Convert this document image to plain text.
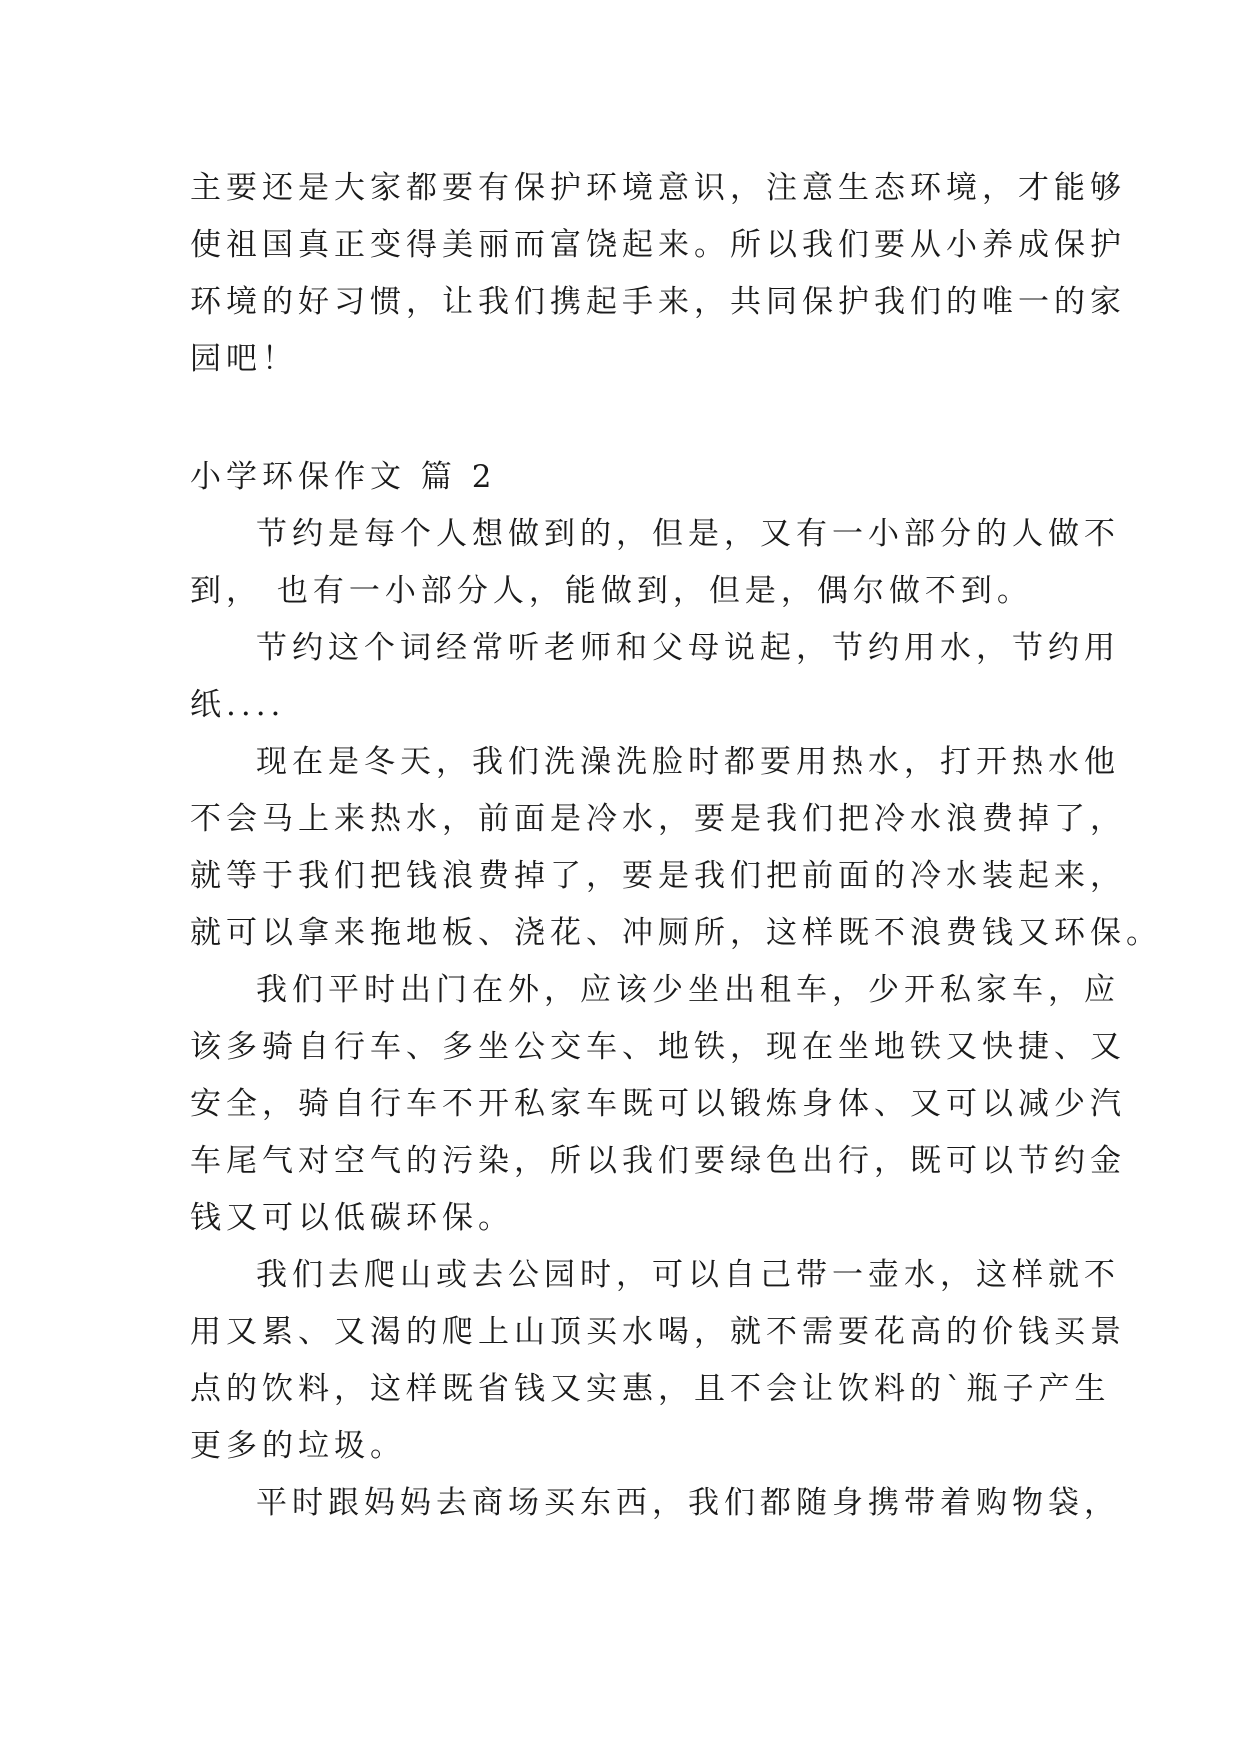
主要还是大家都要有保护环境意识，注意生态环境，才能够
使祖国真正变得美丽而富饶起来。所以我们要从小养成保护
环境的好习惯，让我们携起手来，共同保护我们的唯一的家
园吧！

小学环保作文 篇 2

节约是每个人想做到的，但是，又有一小部分的人做不
到， 也有一小部分人，能做到，但是，偶尔做不到。

节约这个词经常听老师和父母说起，节约用水，节约用
纸....

现在是冬天，我们洗澡洗脸时都要用热水，打开热水他
不会马上来热水，前面是冷水，要是我们把冷水浪费掉了，
就等于我们把钱浪费掉了，要是我们把前面的冷水装起来，
就可以拿来拖地板、浇花、冲厕所，这样既不浪费钱又环保。

我们平时出门在外，应该少坐出租车，少开私家车，应
该多骑自行车、多坐公交车、地铁，现在坐地铁又快捷、又
安全，骑自行车不开私家车既可以锻炼身体、又可以减少汽
车尾气对空气的污染，所以我们要绿色出行，既可以节约金
钱又可以低碳环保。

我们去爬山或去公园时，可以自己带一壶水，这样就不
用又累、又渴的爬上山顶买水喝，就不需要花高的价钱买景
点的饮料，这样既省钱又实惠，且不会让饮料的`瓶子产生
更多的垃圾。

平时跟妈妈去商场买东西，我们都随身携带着购物袋，
